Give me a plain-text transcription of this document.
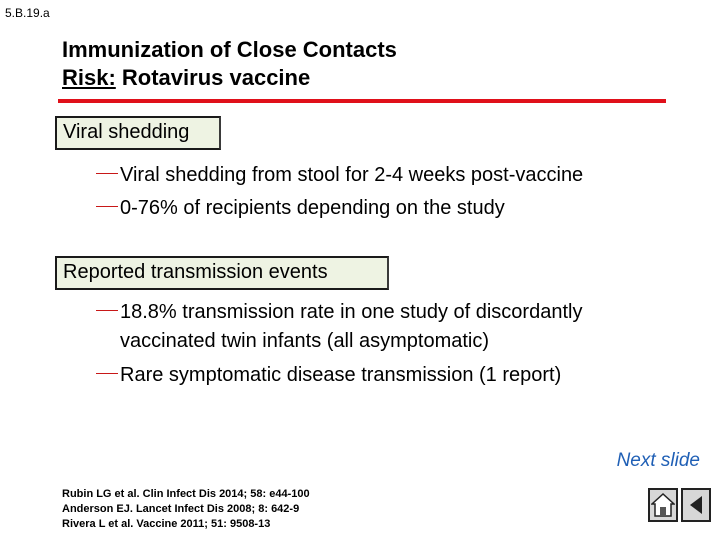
5.B.19.a
Immunization of Close Contacts
Risk: Rotavirus vaccine
Viral shedding
Viral shedding from stool for 2-4 weeks post-vaccine
0-76% of recipients depending on the study
Reported transmission events
18.8% transmission rate in one study of discordantly
vaccinated twin infants (all asymptomatic)
Rare symptomatic disease transmission (1 report)
Next slide
Rubin LG et al. Clin Infect Dis 2014; 58: e44-100
Anderson EJ. Lancet Infect Dis 2008; 8: 642-9
Rivera L et al. Vaccine 2011; 51: 9508-13
